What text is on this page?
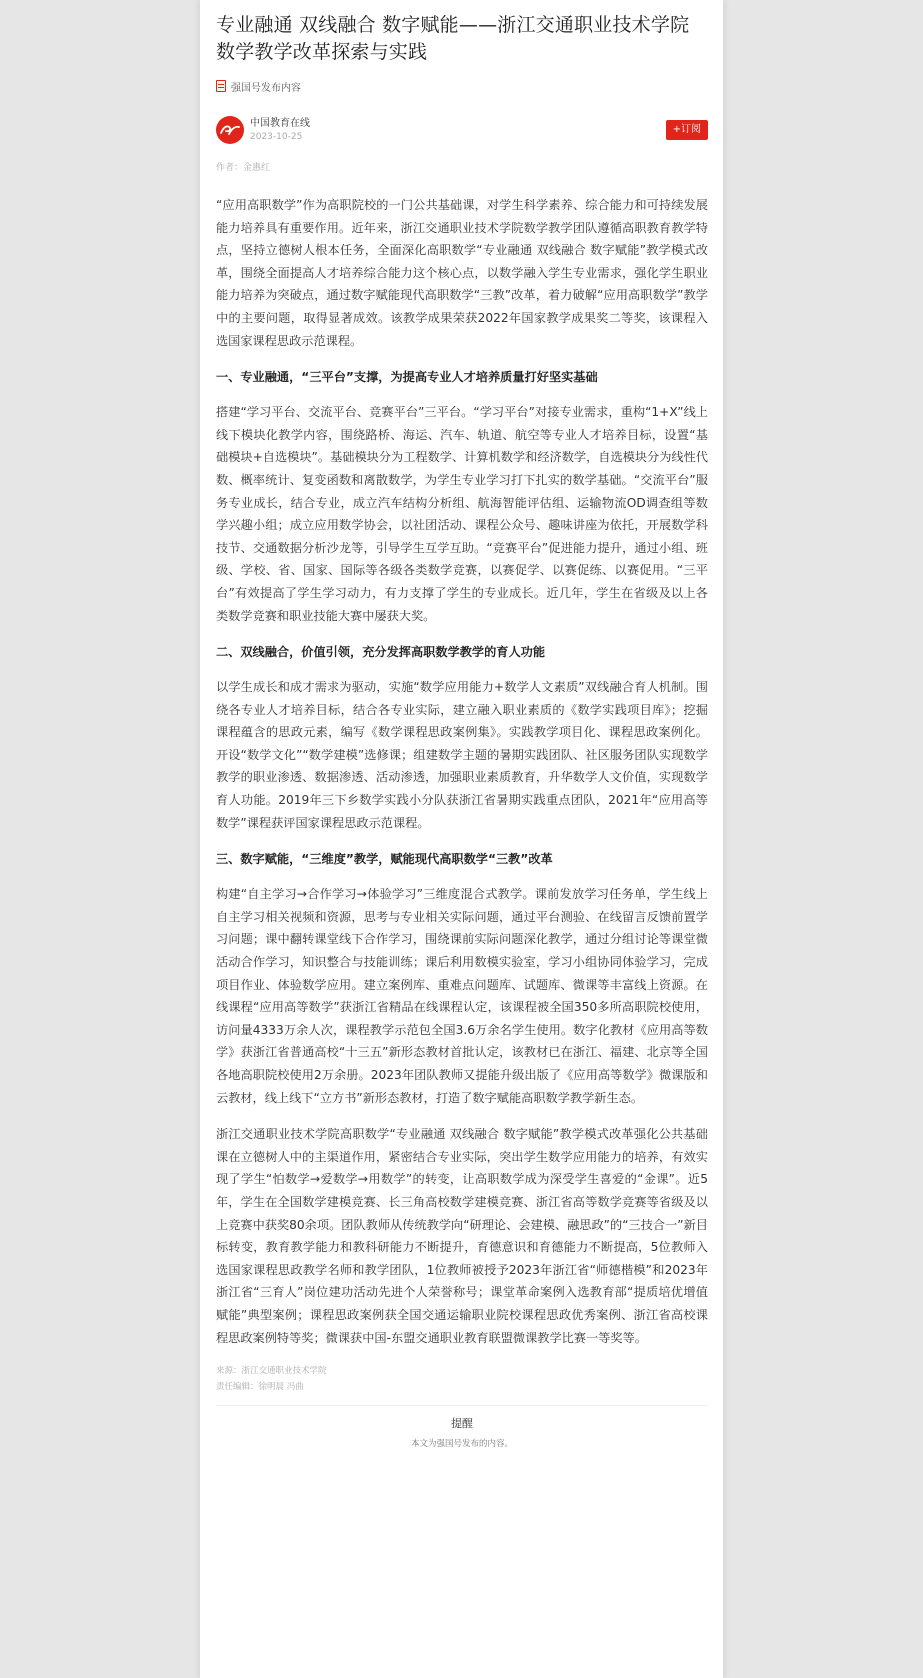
专业融通 双线融合 数字赋能——浙江交通职业技术学院数学教学改革探索与实践
强国号发布内容
中国教育在线
2023-10-25
+订阅
作者：金惠红

“应用高职数学”作为高职院校的一门公共基础课，对学生科学素养、综合能力和可持续发展能力培养具有重要作用。近年来，浙江交通职业技术学院数学教学团队遵循高职教育教学特点，坚持立德树人根本任务，全面深化高职数学“专业融通 双线融合 数字赋能”教学模式改革，围绕全面提高人才培养综合能力这个核心点，以数学融入学生专业需求，强化学生职业能力培养为突破点，通过数字赋能现代高职数学“三教”改革，着力破解“应用高职数学”教学中的主要问题，取得显著成效。该教学成果荣获2022年国家教学成果奖二等奖，该课程入选国家课程思政示范课程。

一、专业融通，“三平台”支撑，为提高专业人才培养质量打好坚实基础

搭建“学习平台、交流平台、竞赛平台”三平台。“学习平台”对接专业需求，重构“1+X”线上线下模块化教学内容，围绕路桥、海运、汽车、轨道、航空等专业人才培养目标，设置“基础模块+自选模块”。基础模块分为工程数学、计算机数学和经济数学，自选模块分为线性代数、概率统计、复变函数和离散数学，为学生专业学习打下扎实的数学基础。“交流平台”服务专业成长，结合专业，成立汽车结构分析组、航海智能评估组、运输物流OD调查组等数学兴趣小组；成立应用数学协会，以社团活动、课程公众号、趣味讲座为依托，开展数学科技节、交通数据分析沙龙等，引导学生互学互助。“竞赛平台”促进能力提升，通过小组、班级、学校、省、国家、国际等各级各类数学竞赛，以赛促学、以赛促练、以赛促用。“三平台”有效提高了学生学习动力，有力支撑了学生的专业成长。近几年，学生在省级及以上各类数学竞赛和职业技能大赛中屡获大奖。

二、双线融合，价值引领，充分发挥高职数学教学的育人功能

以学生成长和成才需求为驱动，实施“数学应用能力+数学人文素质”双线融合育人机制。围绕各专业人才培养目标，结合各专业实际，建立融入职业素质的《数学实践项目库》；挖掘课程蕴含的思政元素，编写《数学课程思政案例集》。实践教学项目化、课程思政案例化。开设“数学文化”“数学建模”选修课；组建数学主题的暑期实践团队、社区服务团队实现数学教学的职业渗透、数据渗透、活动渗透，加强职业素质教育，升华数学人文价值，实现数学育人功能。2019年三下乡数学实践小分队获浙江省暑期实践重点团队，2021年“应用高等数学”课程获评国家课程思政示范课程。

三、数字赋能，“三维度”教学，赋能现代高职数学“三教”改革

构建“自主学习→合作学习→体验学习”三维度混合式教学。课前发放学习任务单，学生线上自主学习相关视频和资源，思考与专业相关实际问题，通过平台测验、在线留言反馈前置学习问题；课中翻转课堂线下合作学习，围绕课前实际问题深化教学，通过分组讨论等课堂微活动合作学习，知识整合与技能训练；课后利用数模实验室，学习小组协同体验学习，完成项目作业、体验数学应用。建立案例库、重难点问题库、试题库、微课等丰富线上资源。在线课程“应用高等数学”获浙江省精品在线课程认定，该课程被全国350多所高职院校使用，访问量4333万余人次，课程教学示范包全国3.6万余名学生使用。数字化教材《应用高等数学》获浙江省普通高校“十三五”新形态教材首批认定，该教材已在浙江、福建、北京等全国各地高职院校使用2万余册。2023年团队教师又提能升级出版了《应用高等数学》微课版和云教材，线上线下“立方书”新形态教材，打造了数字赋能高职数学教学新生态。

浙江交通职业技术学院高职数学“专业融通 双线融合 数字赋能”教学模式改革强化公共基础课在立德树人中的主渠道作用，紧密结合专业实际，突出学生数学应用能力的培养，有效实现了学生“怕数学→爱数学→用数学”的转变，让高职数学成为深受学生喜爱的“金课”。近5年，学生在全国数学建模竞赛、长三角高校数学建模竞赛、浙江省高等数学竞赛等省级及以上竞赛中获奖80余项。团队教师从传统教学向“研理论、会建模、融思政”的“三技合一”新目标转变，教育教学能力和教科研能力不断提升，育德意识和育德能力不断提高，5位教师入选国家课程思政教学名师和教学团队，1位教师被授予2023年浙江省“师德楷模”和2023年浙江省“三育人”岗位建功活动先进个人荣誉称号；课堂革命案例入选教育部“提质培优增值赋能”典型案例；课程思政案例获全国交通运输职业院校课程思政优秀案例、浙江省高校课程思政案例特等奖；微课获中国-东盟交通职业教育联盟微课教学比赛一等奖等。

来源：浙江交通职业技术学院
责任编辑：徐明晨 冯曲
提醒
本文为强国号发布的内容。
